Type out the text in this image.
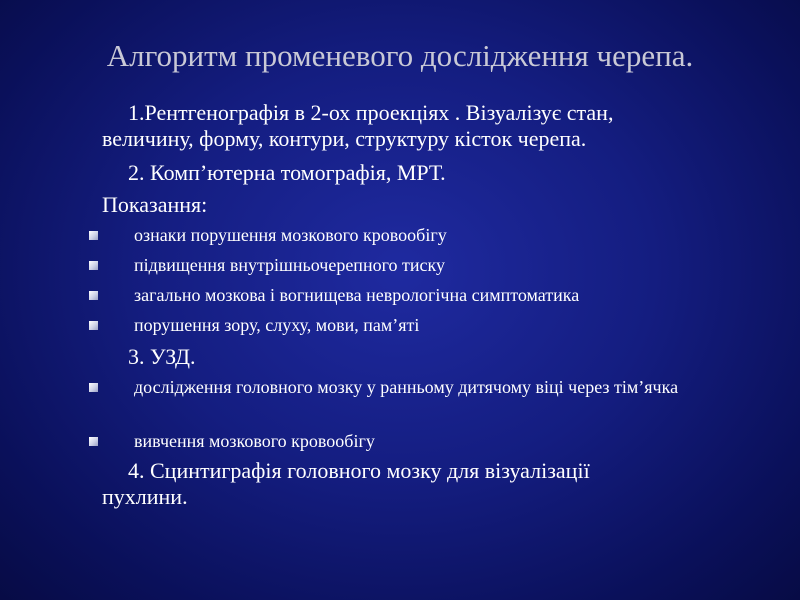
Алгоритм променевого дослідження черепа.
1.Рентгенографія в 2-ох проекціях . Візуалізує стан,
величину, форму, контури, структуру кісток черепа.
2. Комп’ютерна томографія, МРТ.
Показання:
ознаки порушення мозкового кровообігу
підвищення внутрішньочерепного тиску
загально мозкова і вогнищева неврологічна симптоматика
порушення зору, слуху, мови, пам’яті
3. УЗД.
дослідження головного мозку у ранньому дитячому віці через тім’ячка
вивчення мозкового кровообігу
4. Сцинтиграфія головного мозку для візуалізації
пухлини.
